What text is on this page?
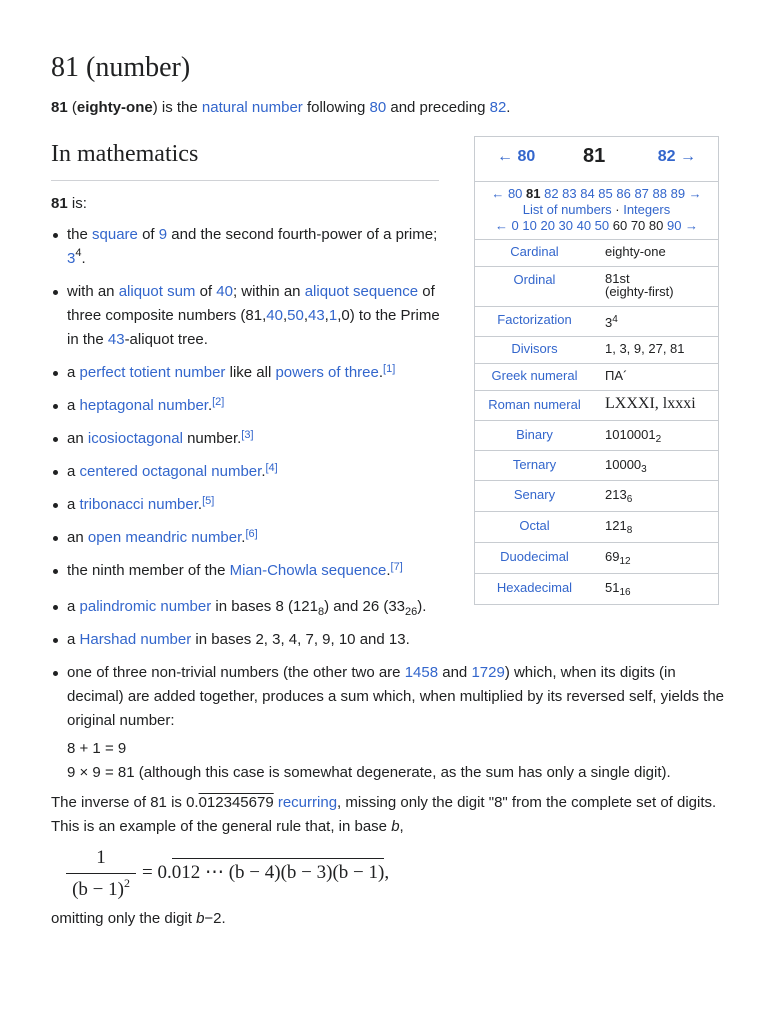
81 (number)

81 (eighty-one) is the natural number following 80 and preceding 82.

In mathematics

81 is:

the square of 9 and the second fourth-power of a prime; $3^4$.
with an aliquot sum of 40; within an aliquot sequence of three composite numbers (81,40,50,43,1,0) to the Prime in the 43-aliquot tree.
a perfect totient number like all powers of three.[1]
a heptagonal number.[2]
an icosioctagonal number.[3]
a centered octagonal number.[4]
a tribonacci number.[5]
an open meandric number.[6]
the ninth member of the Mian-Chowla sequence.[7]
a palindromic number in bases 8 $(121_8)$ and 26 $(33_{26})$.
a Harshad number in bases 2, 3, 4, 7, 9, 10 and 13.
one of three non-trivial numbers (the other two are 1458 and 1729) which, when its digits (in decimal) are added together, produces a sum which, when multiplied by its reversed self, yields the original number:
8 + 1 = 9
9 × 9 = 81 (although this case is somewhat degenerate, as the sum has only a single digit).

The inverse of 81 is 0.012345679 recurring, missing only the digit "8" from the complete set of digits. This is an example of the general rule that, in base b,

1
$(b - 1)^2 = 0.012$ ⋯ (b − 4)(b − 3)(b − 1),

omitting only the digit b−2.

← 80 81	82 →
← 80 81 82 83 84 85 86 87 88 89 →
List of numbers · Integers
← 0 10 20 30 40 50 60 70 80 90 →
Cardinal	eighty-one
Ordinal	81st
(eighty-first)
Factorization	$3^4$
Divisors	1, 3, 9, 27, 81
Greek numeral	ΠΑ´
Roman numeral	LXXXI, lxxxi
Binary	$1010001_2$
Ternary	$10000_3$
Senary	$213_6$
Octal	$121_8$
Duodecimal	$69_{12}$
Hexadecimal	$51_{16}$
